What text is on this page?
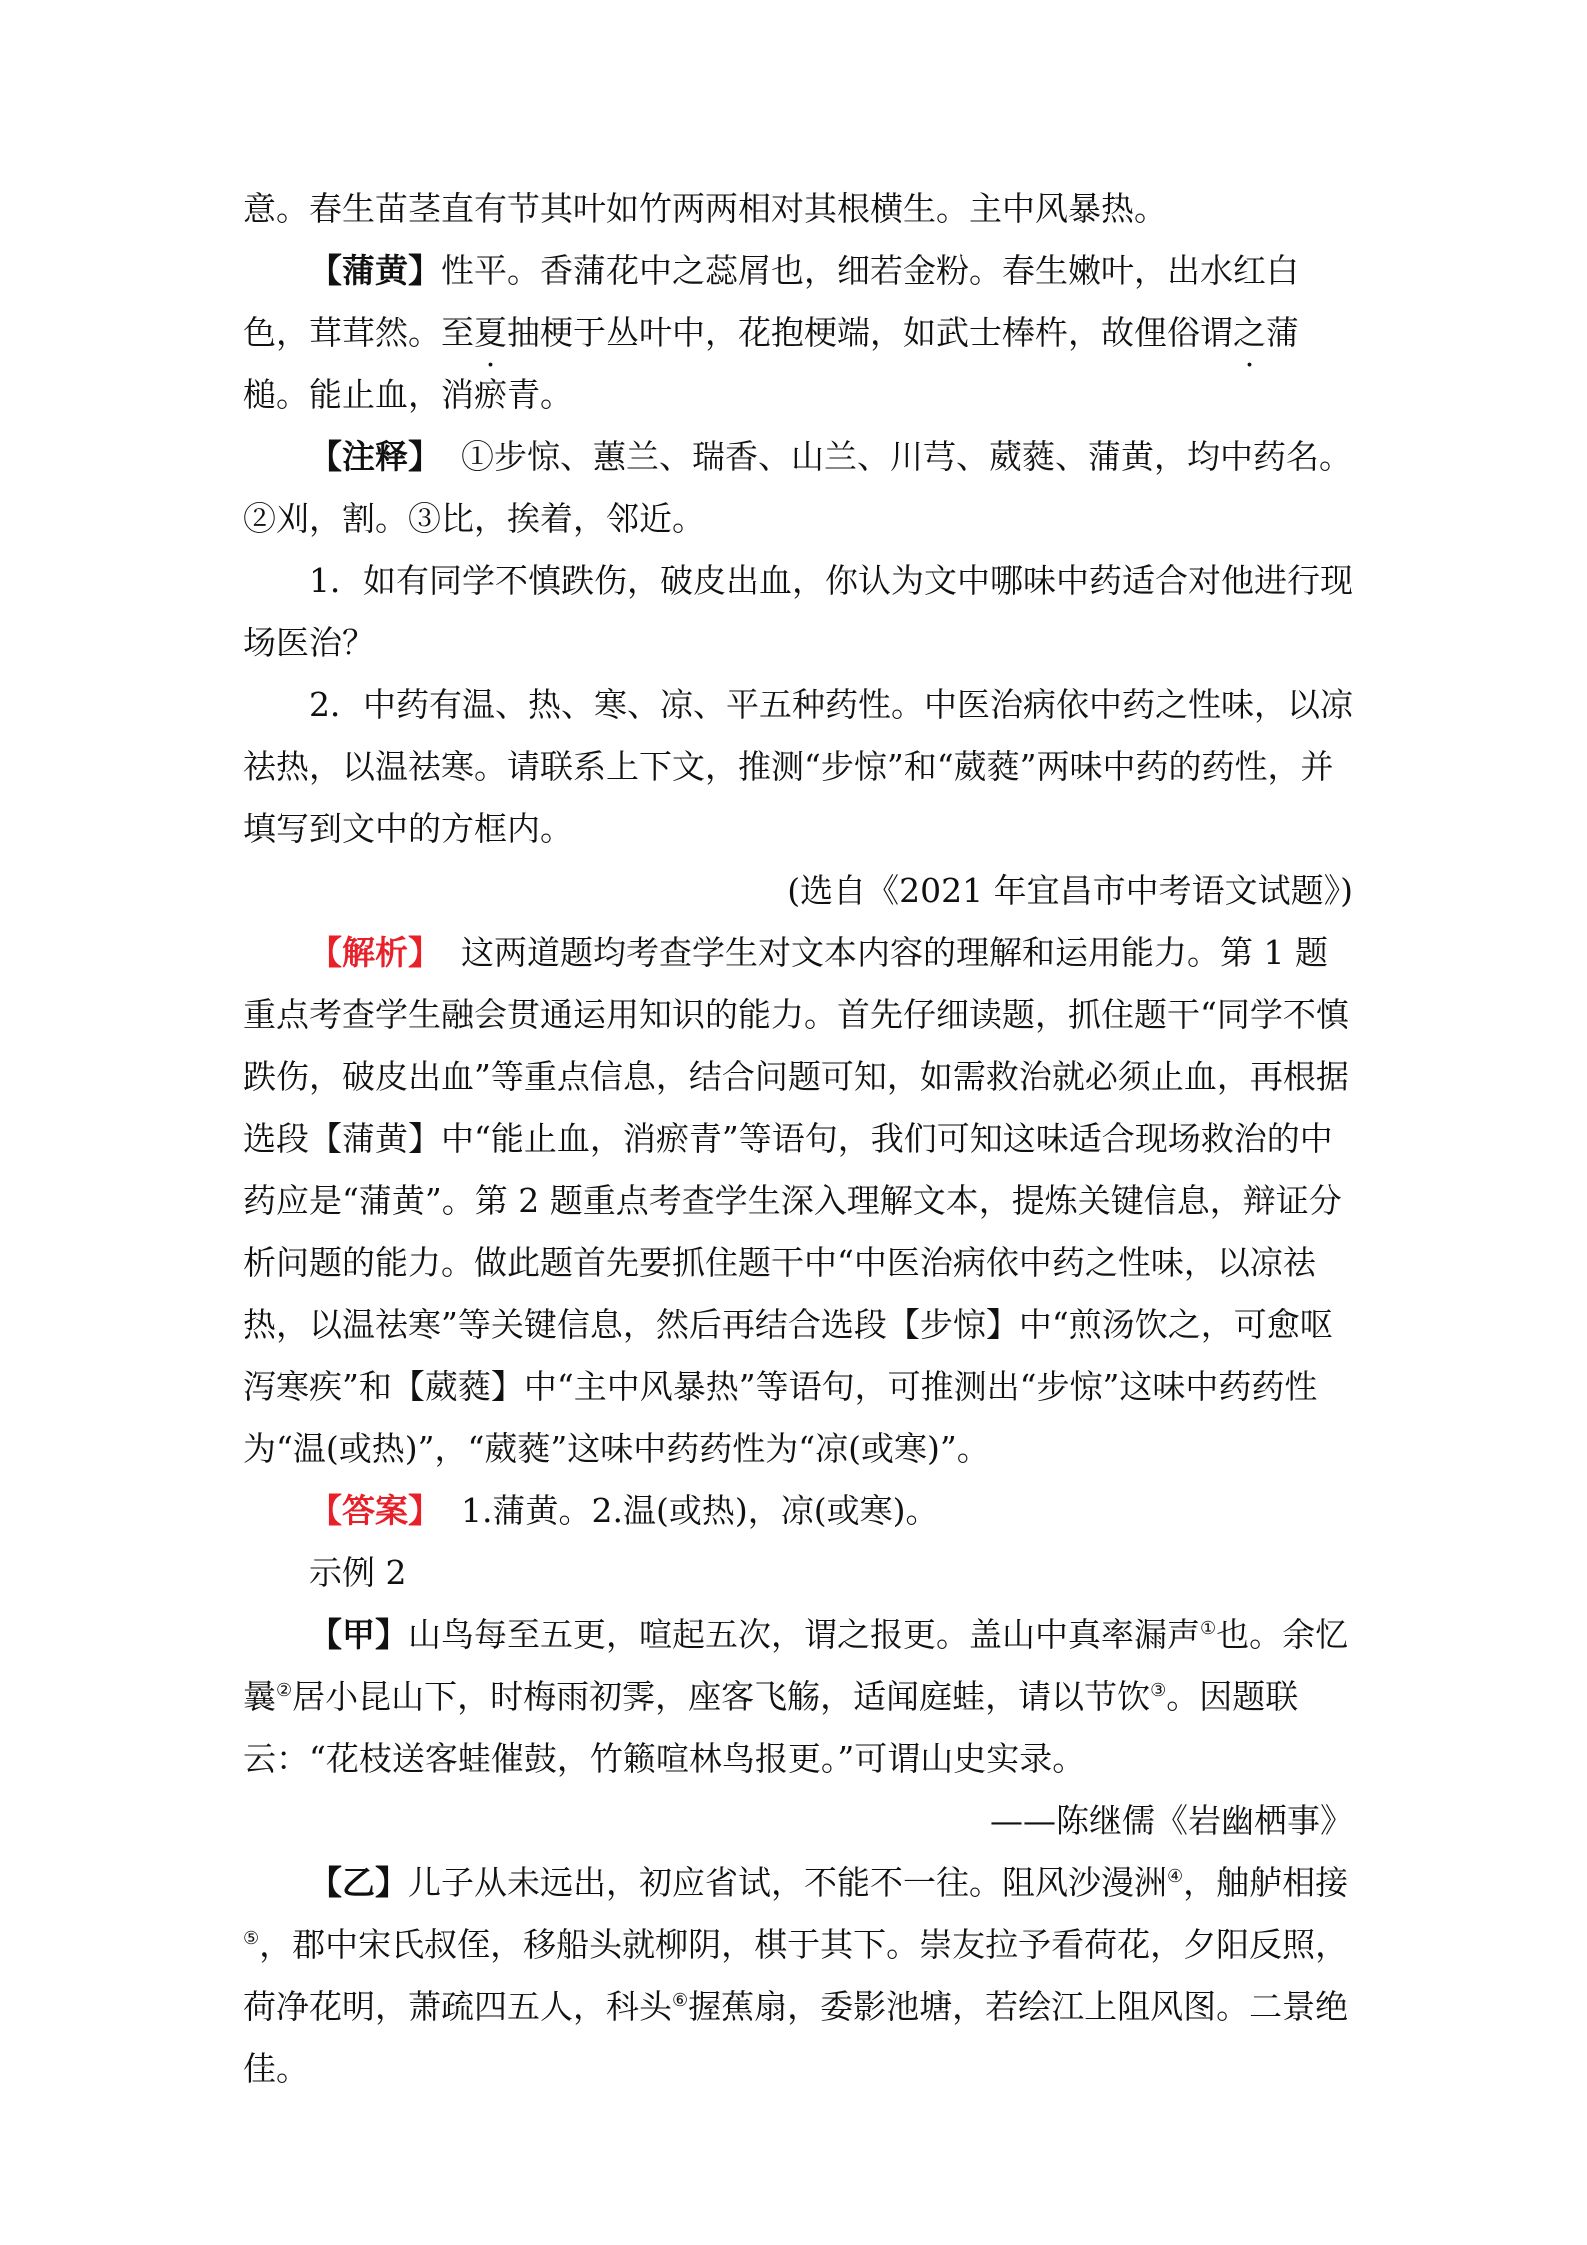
意。春生苗茎直有节其叶如竹两两相对其根横生。主中风暴热。

【蒲黄】性平。香蒲花中之蕊屑也，细若金粉。春生嫩叶，出水红白色，茸茸然。至夏抽梗于丛叶中，花抱梗端，如武士棒杵，故俚俗谓之蒲槌。能止血，消瘀青。

【注释】 ①步惊、蕙兰、瑞香、山兰、川芎、葳蕤、蒲黄，均中药名。②刈，割。③比，挨着，邻近。

1．如有同学不慎跌伤，破皮出血，你认为文中哪味中药适合对他进行现场医治？

2．中药有温、热、寒、凉、平五种药性。中医治病依中药之性味，以凉祛热，以温祛寒。请联系上下文，推测“步惊”和“葳蕤”两味中药的药性，并填写到文中的方框内。

(选自《2021 年宜昌市中考语文试题》)

【解析】 这两道题均考查学生对文本内容的理解和运用能力。第 1 题重点考查学生融会贯通运用知识的能力。首先仔细读题，抓住题干“同学不慎跌伤，破皮出血”等重点信息，结合问题可知，如需救治就必须止血，再根据选段【蒲黄】中“能止血，消瘀青”等语句，我们可知这味适合现场救治的中药应是“蒲黄”。第 2 题重点考查学生深入理解文本，提炼关键信息，辩证分析问题的能力。做此题首先要抓住题干中“中医治病依中药之性味，以凉祛热，以温祛寒”等关键信息，然后再结合选段【步惊】中“煎汤饮之，可愈呕泻寒疾”和【葳蕤】中“主中风暴热”等语句，可推测出“步惊”这味中药药性为“温(或热)”，“葳蕤”这味中药药性为“凉(或寒)”。

【答案】 1.蒲黄。2.温(或热)，凉(或寒)。

示例 2

【甲】山鸟每至五更，喧起五次，谓之报更。盖山中真率漏声①也。余忆曩②居小昆山下，时梅雨初霁，座客飞觞，适闻庭蛙，请以节饮③。因题联云：“花枝送客蛙催鼓，竹籁喧林鸟报更。”可谓山史实录。

——陈继儒《岩幽栖事》

【乙】儿子从未远出，初应省试，不能不一往。阻风沙漫洲④，舳舻相接⑤，郡中宋氏叔侄，移船头就柳阴，棋于其下。崇友拉予看荷花，夕阳反照，荷净花明，萧疏四五人，科头⑥握蕉扇，委影池塘，若绘江上阻风图。二景绝佳。
